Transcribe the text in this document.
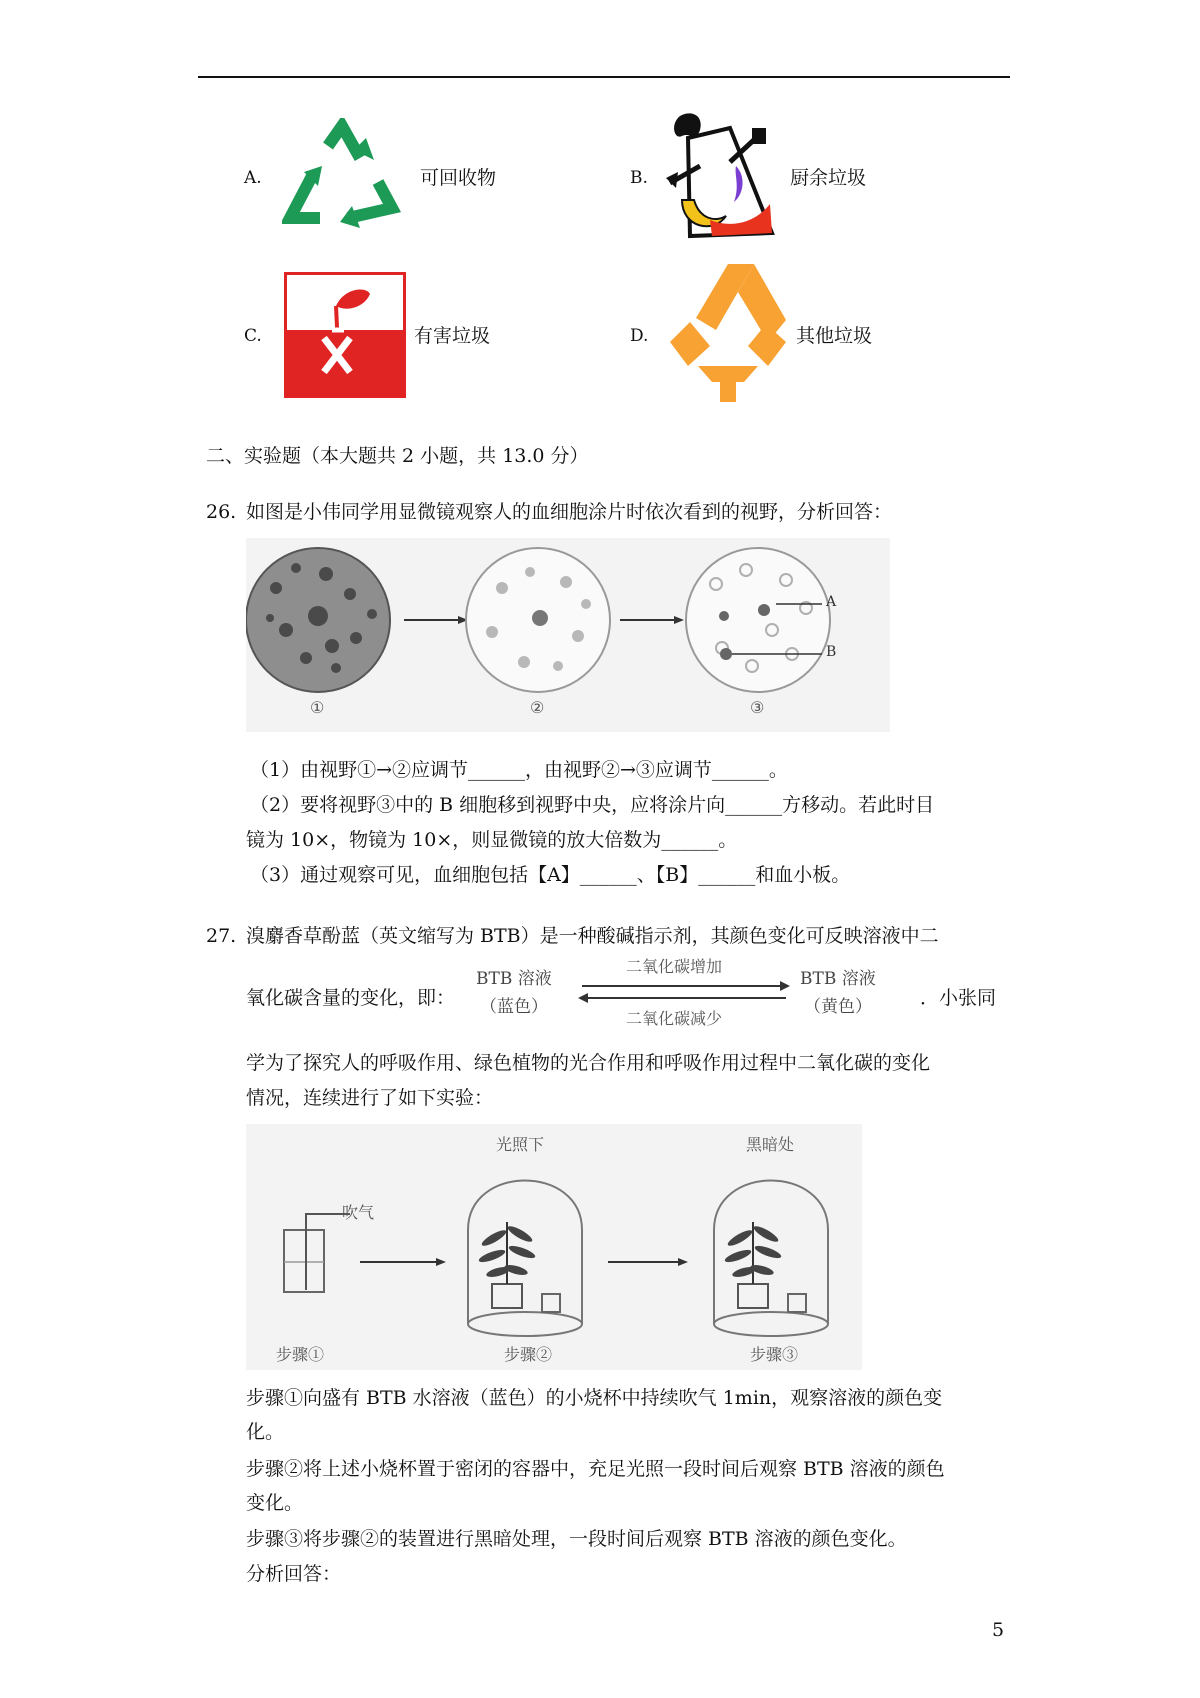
A.	可回收物	B.	厨余垃圾
C.	有害垃圾	D.	其他垃圾
二、实验题（本大题共 2 小题，共 13.0 分）
26. 如图是小伟同学用显微镜观察人的血细胞涂片时依次看到的视野，分析回答：
①	②	③
A
B
（1）由视野①→②应调节______，由视野②→③应调节______。
（2）要将视野③中的 B 细胞移到视野中央，应将涂片向______方移动。若此时目
镜为 10×，物镜为 10×，则显微镜的放大倍数为______。
（3）通过观察可见，血细胞包括【A】______、【B】______和血小板。
27. 溴麝香草酚蓝（英文缩写为 BTB）是一种酸碱指示剂，其颜色变化可反映溶液中二
氧化碳含量的变化，即：
BTB 溶液
（蓝色）
二氧化碳增加
二氧化碳减少
BTB 溶液
（黄色）	．小张同
学为了探究人的呼吸作用、绿色植物的光合作用和呼吸作用过程中二氧化碳的变化
情况，连续进行了如下实验：
吹气
光照下	黑暗处
步骤①	步骤②	步骤③
步骤①向盛有 BTB 水溶液（蓝色）的小烧杯中持续吹气 1min，观察溶液的颜色变
化。
步骤②将上述小烧杯置于密闭的容器中，充足光照一段时间后观察 BTB 溶液的颜色
变化。
步骤③将步骤②的装置进行黑暗处理，一段时间后观察 BTB 溶液的颜色变化。
分析回答：
5
